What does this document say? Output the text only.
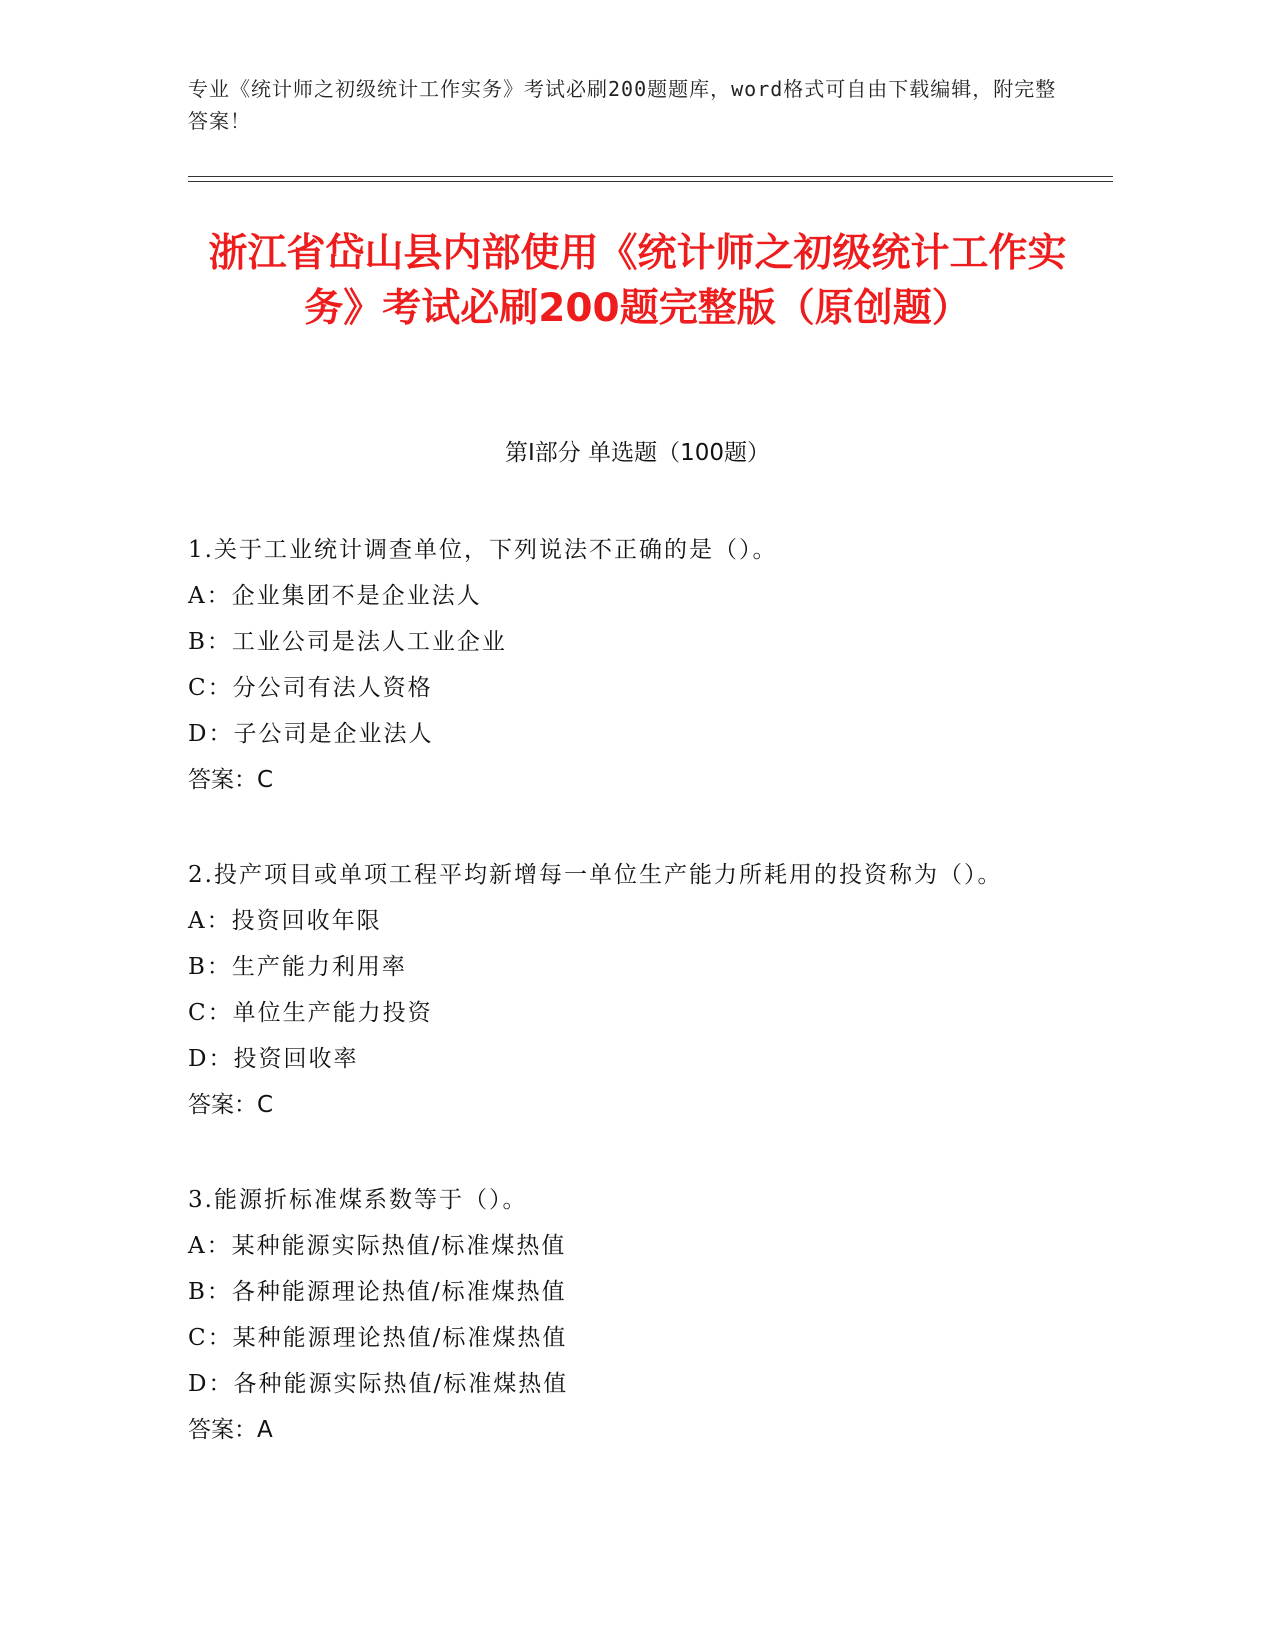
专业《统计师之初级统计工作实务》考试必刷200题题库，word格式可自由下载编辑，附完整答案！
浙江省岱山县内部使用《统计师之初级统计工作实务》考试必刷200题完整版（原创题）
第Ⅰ部分 单选题（100题）

1.关于工业统计调查单位，下列说法不正确的是（）。

A：企业集团不是企业法人

B：工业公司是法人工业企业

C：分公司有法人资格

D：子公司是企业法人

答案：C

2.投产项目或单项工程平均新增每一单位生产能力所耗用的投资称为（）。

A：投资回收年限

B：生产能力利用率

C：单位生产能力投资

D：投资回收率

答案：C

3.能源折标准煤系数等于（）。

A：某种能源实际热值/标准煤热值

B：各种能源理论热值/标准煤热值

C：某种能源理论热值/标准煤热值

D：各种能源实际热值/标准煤热值

答案：A
